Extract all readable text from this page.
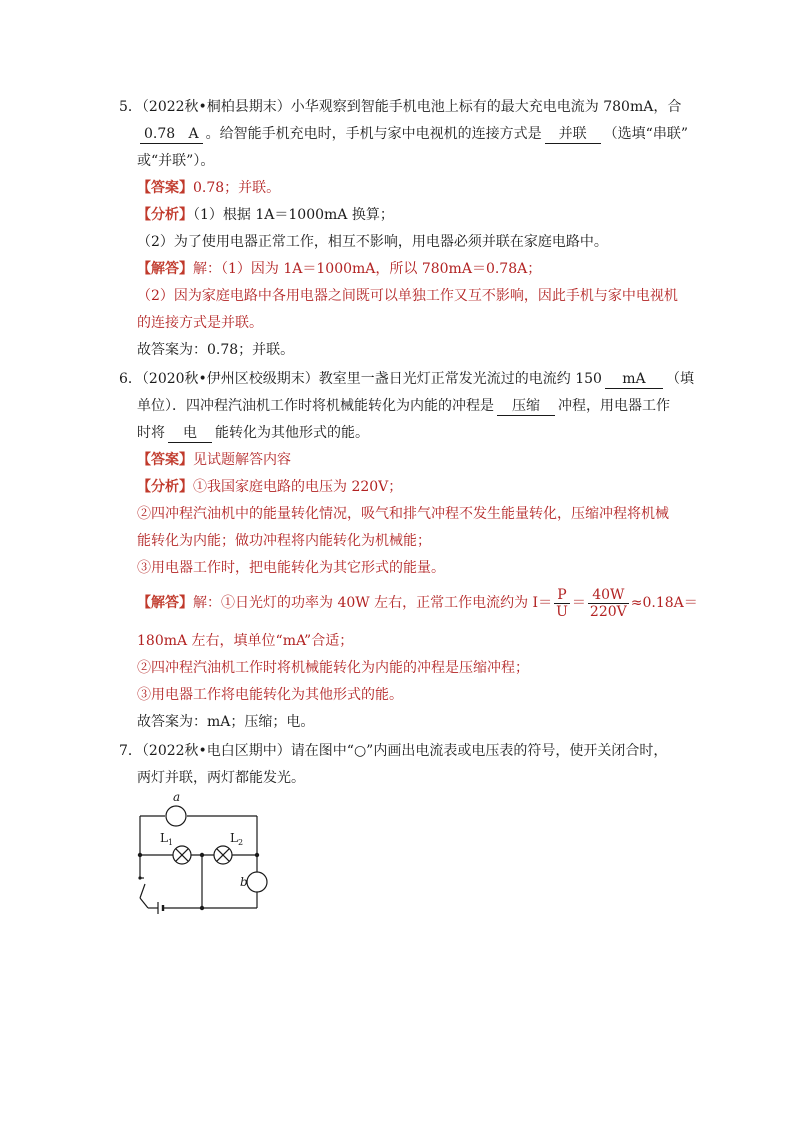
5．（2022秋•桐柏县期末）小华观察到智能手机电池上标有的最大充电电流为 780mA，合
0.78 A 。给智能手机充电时，手机与家中电视机的连接方式是 并联 （选填“串联”
或“并联”）。
【答案】0.78；并联。
【分析】（1）根据 1A＝1000mA 换算；
（2）为了使用电器正常工作，相互不影响，用电器必须并联在家庭电路中。
【解答】解：（1）因为 1A＝1000mA，所以 780mA＝0.78A；
（2）因为家庭电路中各用电器之间既可以单独工作又互不影响，因此手机与家中电视机
的连接方式是并联。
故答案为：0.78；并联。
6．（2020秋•伊州区校级期末）教室里一盏日光灯正常发光流过的电流约 150 mA （填
单位）．四冲程汽油机工作时将机械能转化为内能的冲程是 压缩 冲程，用电器工作
时将 电 能转化为其他形式的能。
【答案】见试题解答内容
【分析】①我国家庭电路的电压为 220V；
②四冲程汽油机中的能量转化情况，吸气和排气冲程不发生能量转化，压缩冲程将机械
能转化为内能；做功冲程将内能转化为机械能；
③用电器工作时，把电能转化为其它形式的能量。
【解答】解：①日光灯的功率为 40W 左右，正常工作电流约为 $I= \frac{P}{U} = \frac{40W}{220V} \approx 0.18A=$
180mA 左右，填单位“mA”合适；
②四冲程汽油机工作时将机械能转化为内能的冲程是压缩冲程；
③用电器工作将电能转化为其他形式的能。
故答案为：mA；压缩；电。
7．（2022秋•电白区期中）请在图中“○”内画出电流表或电压表的符号，使开关闭合时，
两灯并联，两灯都能发光。
a
b
$L_1$	$L_2$
